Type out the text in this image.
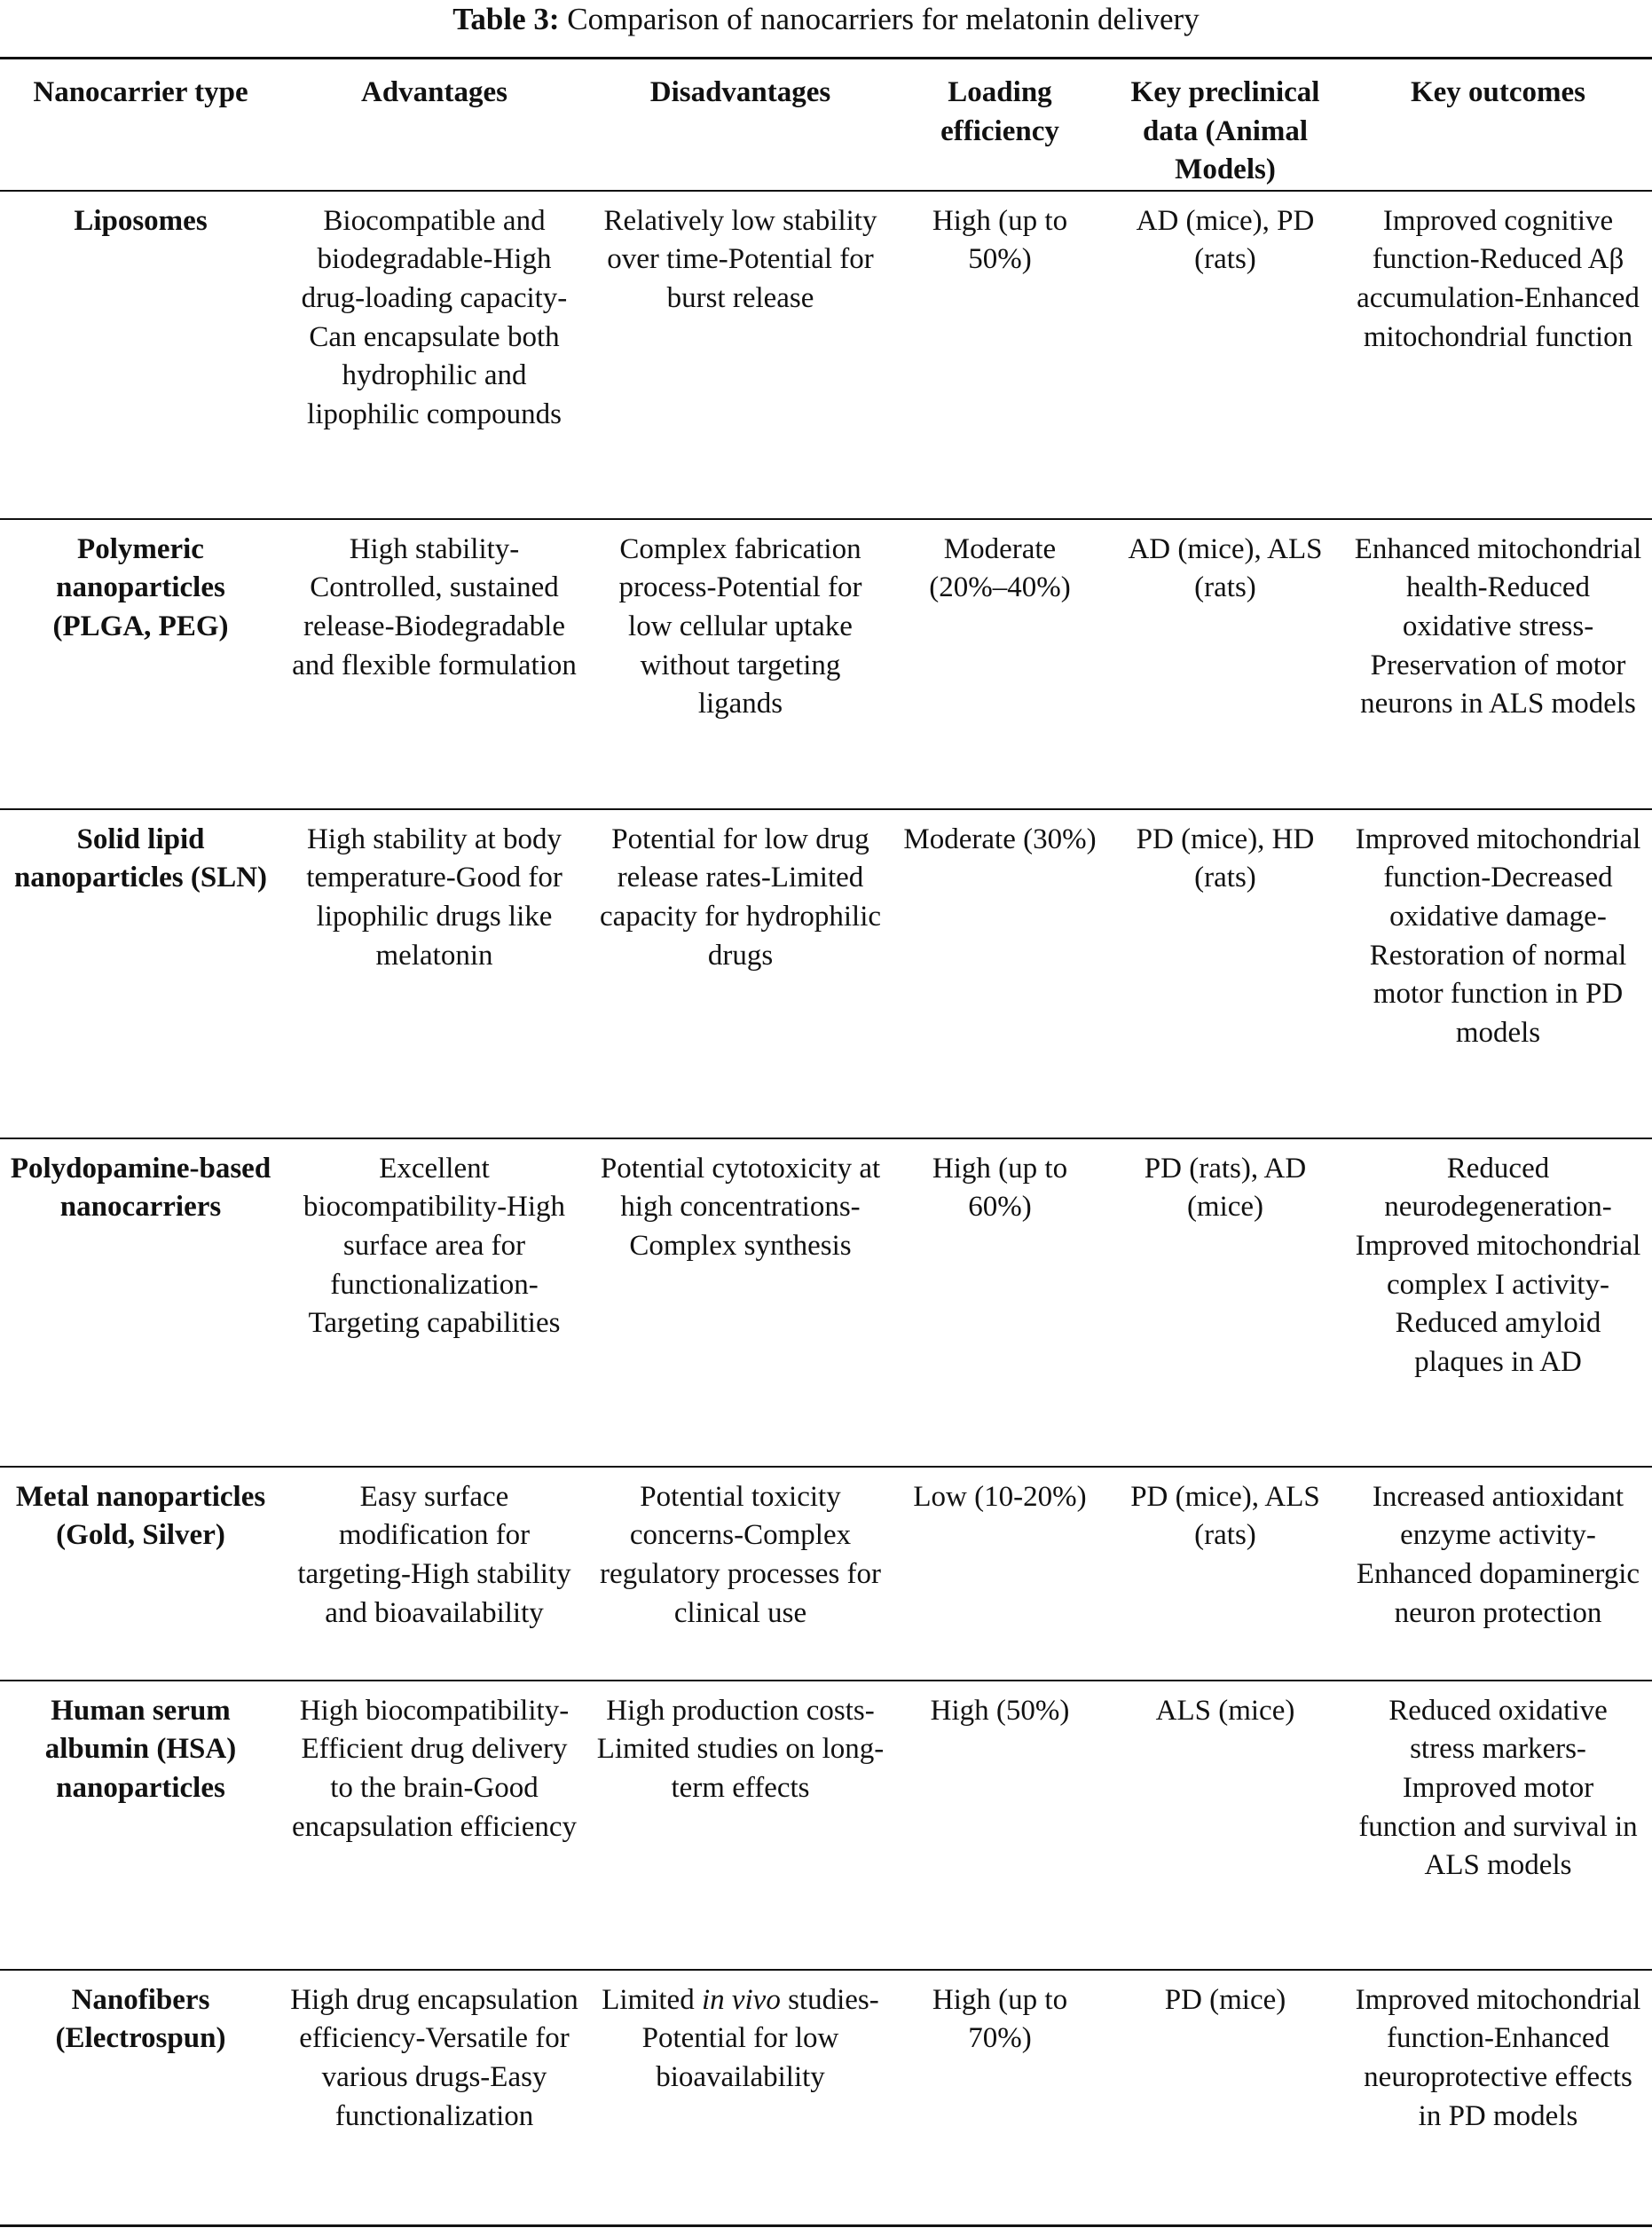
Table 3: Comparison of nanocarriers for melatonin delivery
Nanocarrier type	Advantages	Disadvantages	Loading efficiency	Key preclinical data (Animal Models)	Key outcomes
Liposomes	Biocompatible and biodegradable-High drug-loading capacity-Can encapsulate both hydrophilic and lipophilic compounds	Relatively low stability over time-Potential for burst release	High (up to 50%)	AD (mice), PD (rats)	Improved cognitive function-Reduced Aβ accumulation-Enhanced mitochondrial function
Polymeric nanoparticles (PLGA, PEG)	High stability-Controlled, sustained release-Biodegradable and flexible formulation	Complex fabrication process-Potential for low cellular uptake without targeting ligands	Moderate (20%–40%)	AD (mice), ALS (rats)	Enhanced mitochondrial health-Reduced oxidative stress-Preservation of motor neurons in ALS models
Solid lipid nanoparticles (SLN)	High stability at body temperature-Good for lipophilic drugs like melatonin	Potential for low drug release rates-Limited capacity for hydrophilic drugs	Moderate (30%)	PD (mice), HD (rats)	Improved mitochondrial function-Decreased oxidative damage-Restoration of normal motor function in PD models
Polydopamine-based nanocarriers	Excellent biocompatibility-High surface area for functionalization-Targeting capabilities	Potential cytotoxicity at high concentrations-Complex synthesis	High (up to 60%)	PD (rats), AD (mice)	Reduced neurodegeneration-Improved mitochondrial complex I activity-Reduced amyloid plaques in AD
Metal nanoparticles (Gold, Silver)	Easy surface modification for targeting-High stability and bioavailability	Potential toxicity concerns-Complex regulatory processes for clinical use	Low (10-20%)	PD (mice), ALS (rats)	Increased antioxidant enzyme activity-Enhanced dopaminergic neuron protection
Human serum albumin (HSA) nanoparticles	High biocompatibility-Efficient drug delivery to the brain-Good encapsulation efficiency	High production costs-Limited studies on long-term effects	High (50%)	ALS (mice)	Reduced oxidative stress markers-Improved motor function and survival in ALS models
Nanofibers (Electrospun)	High drug encapsulation efficiency-Versatile for various drugs-Easy functionalization	Limited in vivo studies-Potential for low bioavailability	High (up to 70%)	PD (mice)	Improved mitochondrial function-Enhanced neuroprotective effects in PD models
